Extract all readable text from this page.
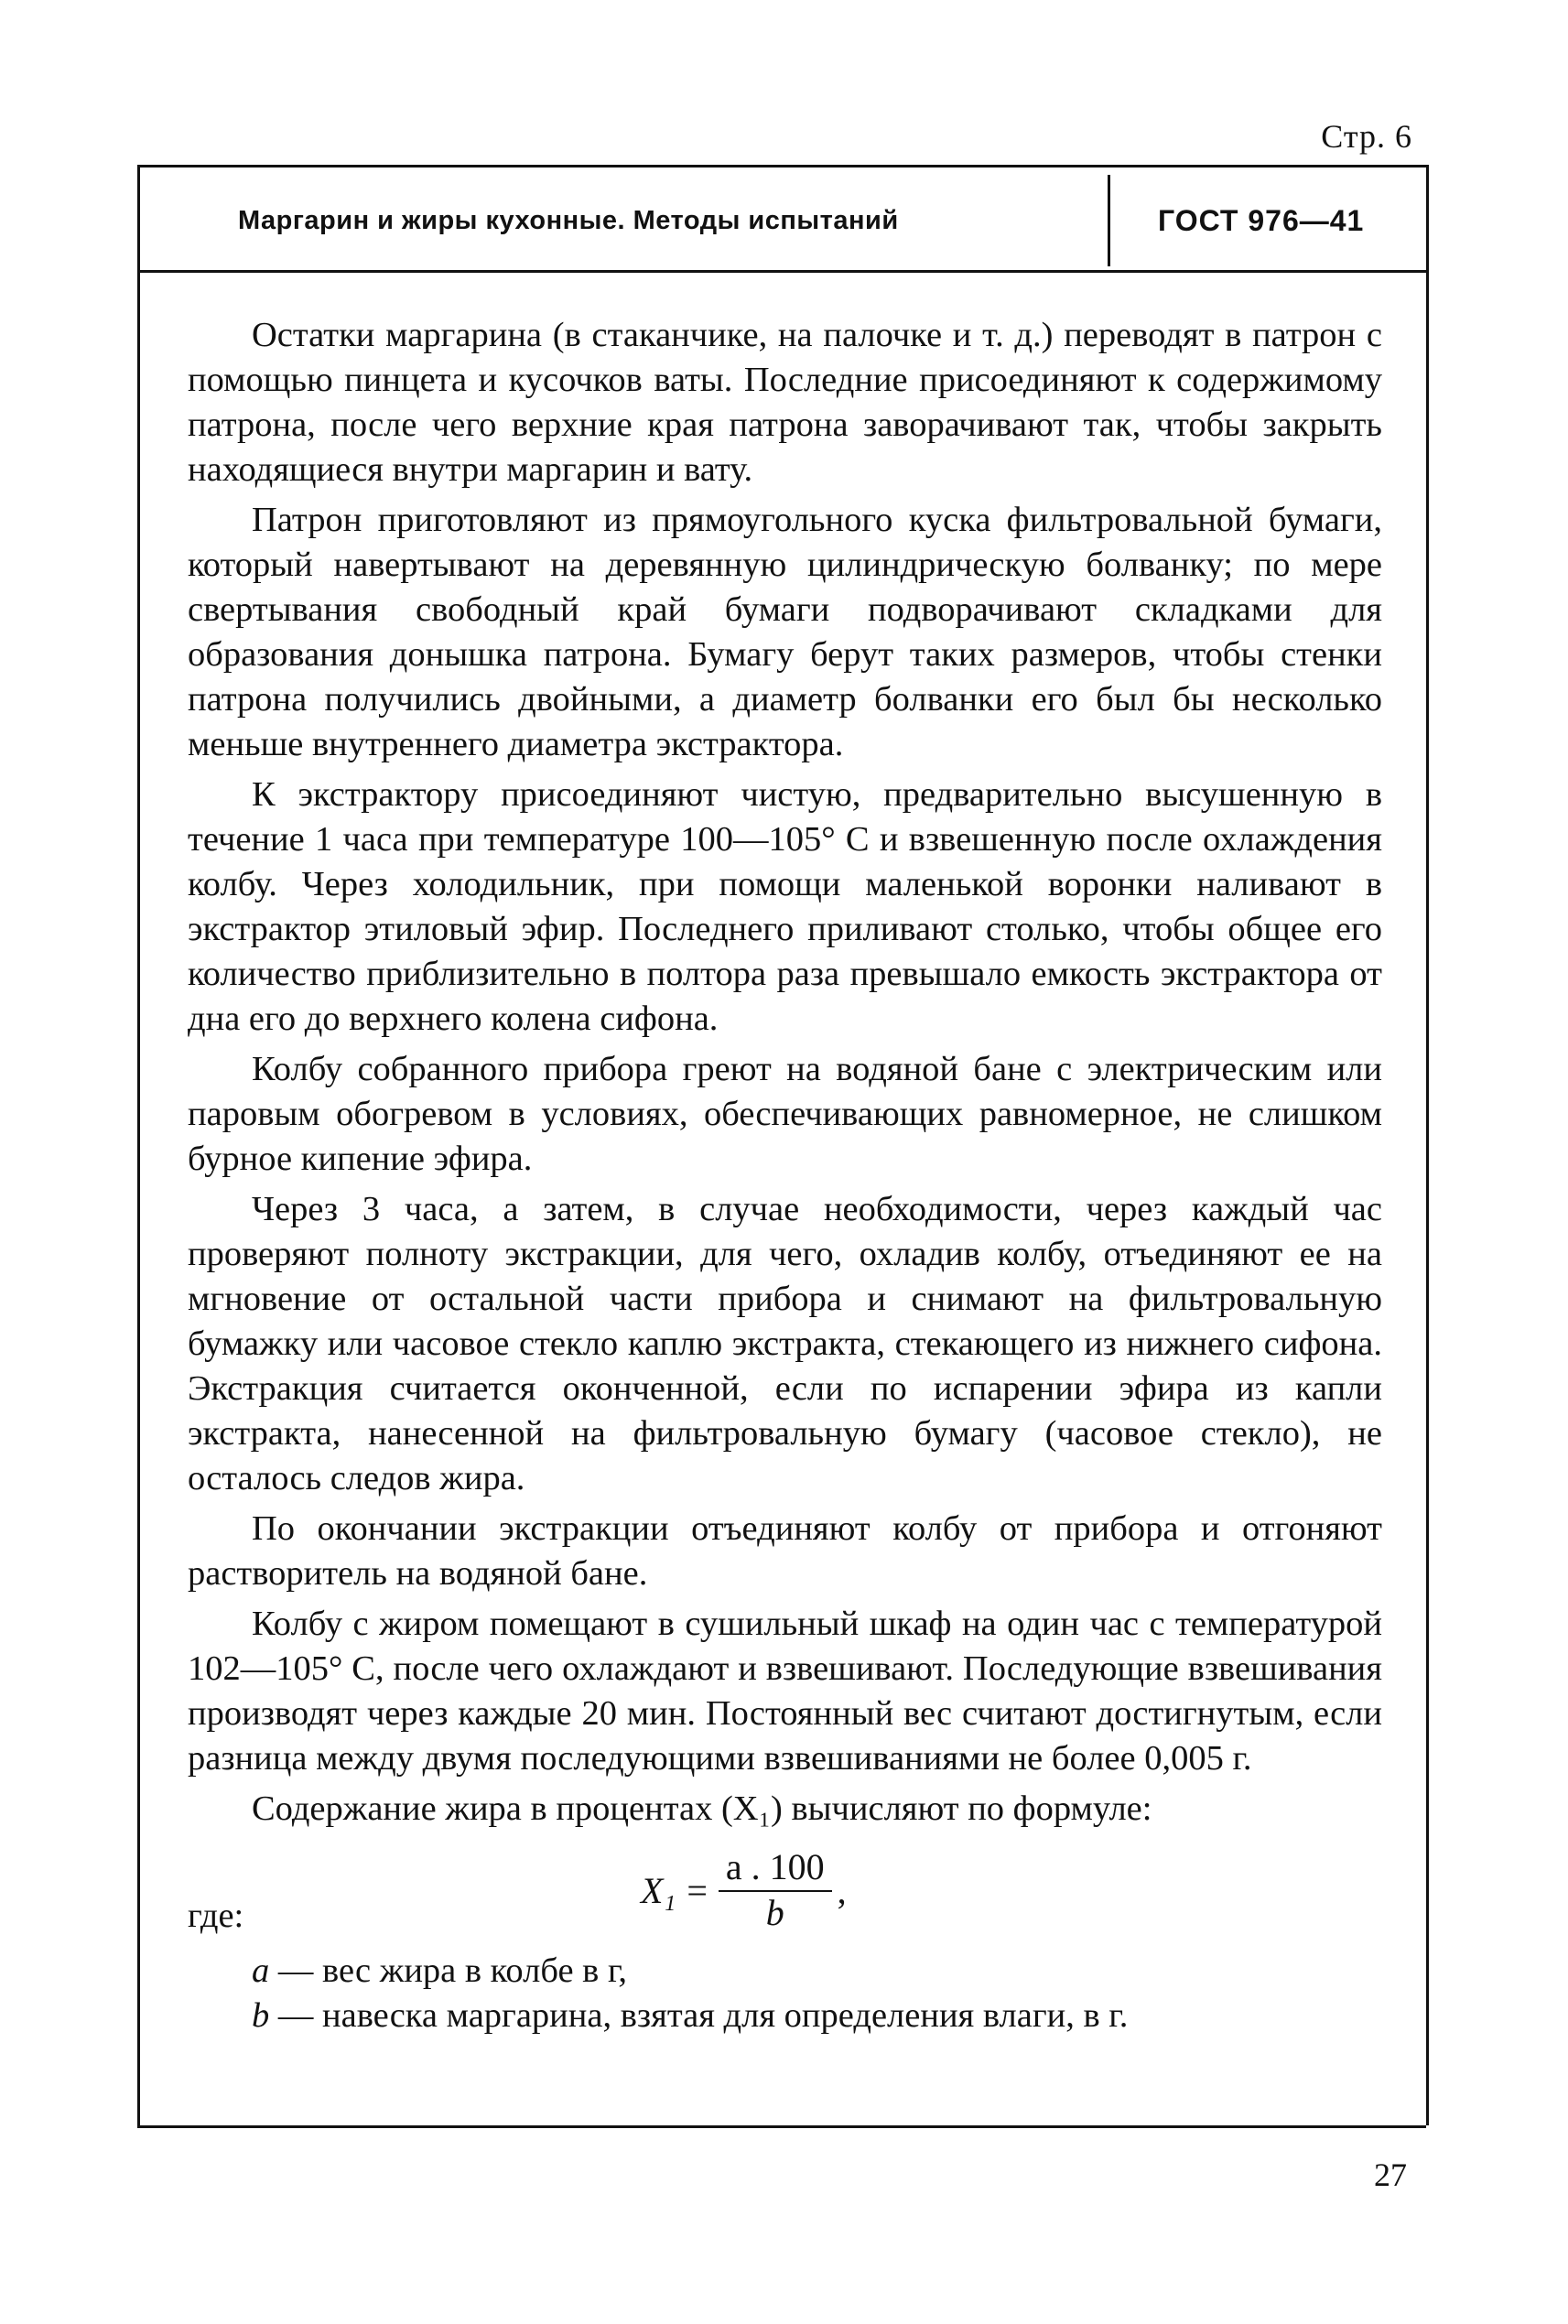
Стр. 6
Маргарин и жиры кухонные. Методы испытаний	ГОСТ 976—41

Остатки маргарина (в стаканчике, на палочке и т. д.) переводят в патрон с помощью пинцета и кусочков ваты. Последние присоединяют к содержимому патрона, после чего верхние края патрона заворачивают так, чтобы закрыть находящиеся внутри маргарин и вату.

Патрон приготовляют из прямоугольного куска фильтровальной бумаги, который навертывают на деревянную цилиндрическую болванку; по мере свертывания свободный край бумаги подворачивают складками для образования донышка патрона. Бумагу берут таких размеров, чтобы стенки патрона получились двойными, а диаметр болванки его был бы несколько меньше внутреннего диаметра экстрактора.

К экстрактору присоединяют чистую, предварительно высушенную в течение 1 часа при температуре 100—105° С и взвешенную после охлаждения колбу. Через холодильник, при помощи маленькой воронки наливают в экстрактор этиловый эфир. Последнего приливают столько, чтобы общее его количество приблизительно в полтора раза превышало емкость экстрактора от дна его до верхнего колена сифона.

Колбу собранного прибора греют на водяной бане с электрическим или паровым обогревом в условиях, обеспечивающих равномерное, не слишком бурное кипение эфира.

Через 3 часа, а затем, в случае необходимости, через каждый час проверяют полноту экстракции, для чего, охладив колбу, отъединяют ее на мгновение от остальной части прибора и снимают на фильтровальную бумажку или часовое стекло каплю экстракта, стекающего из нижнего сифона. Экстракция считается оконченной, если по испарении эфира из капли экстракта, нанесенной на фильтровальную бумагу (часовое стекло), не осталось следов жира.

По окончании экстракции отъединяют колбу от прибора и отгоняют растворитель на водяной бане.

Колбу с жиром помещают в сушильный шкаф на один час с температурой 102—105° С, после чего охлаждают и взвешивают. Последующие взвешивания производят через каждые 20 мин. Постоянный вес считают достигнутым, если разница между двумя последующими взвешиваниями не более 0,005 г.

Содержание жира в процентах (X₁) вычисляют по формуле:

где:
$X_1 = \frac{a . 100}{b}$ ,
a — вес жира в колбе в г,
b — навеска маргарина, взятая для определения влаги, в г.
27
